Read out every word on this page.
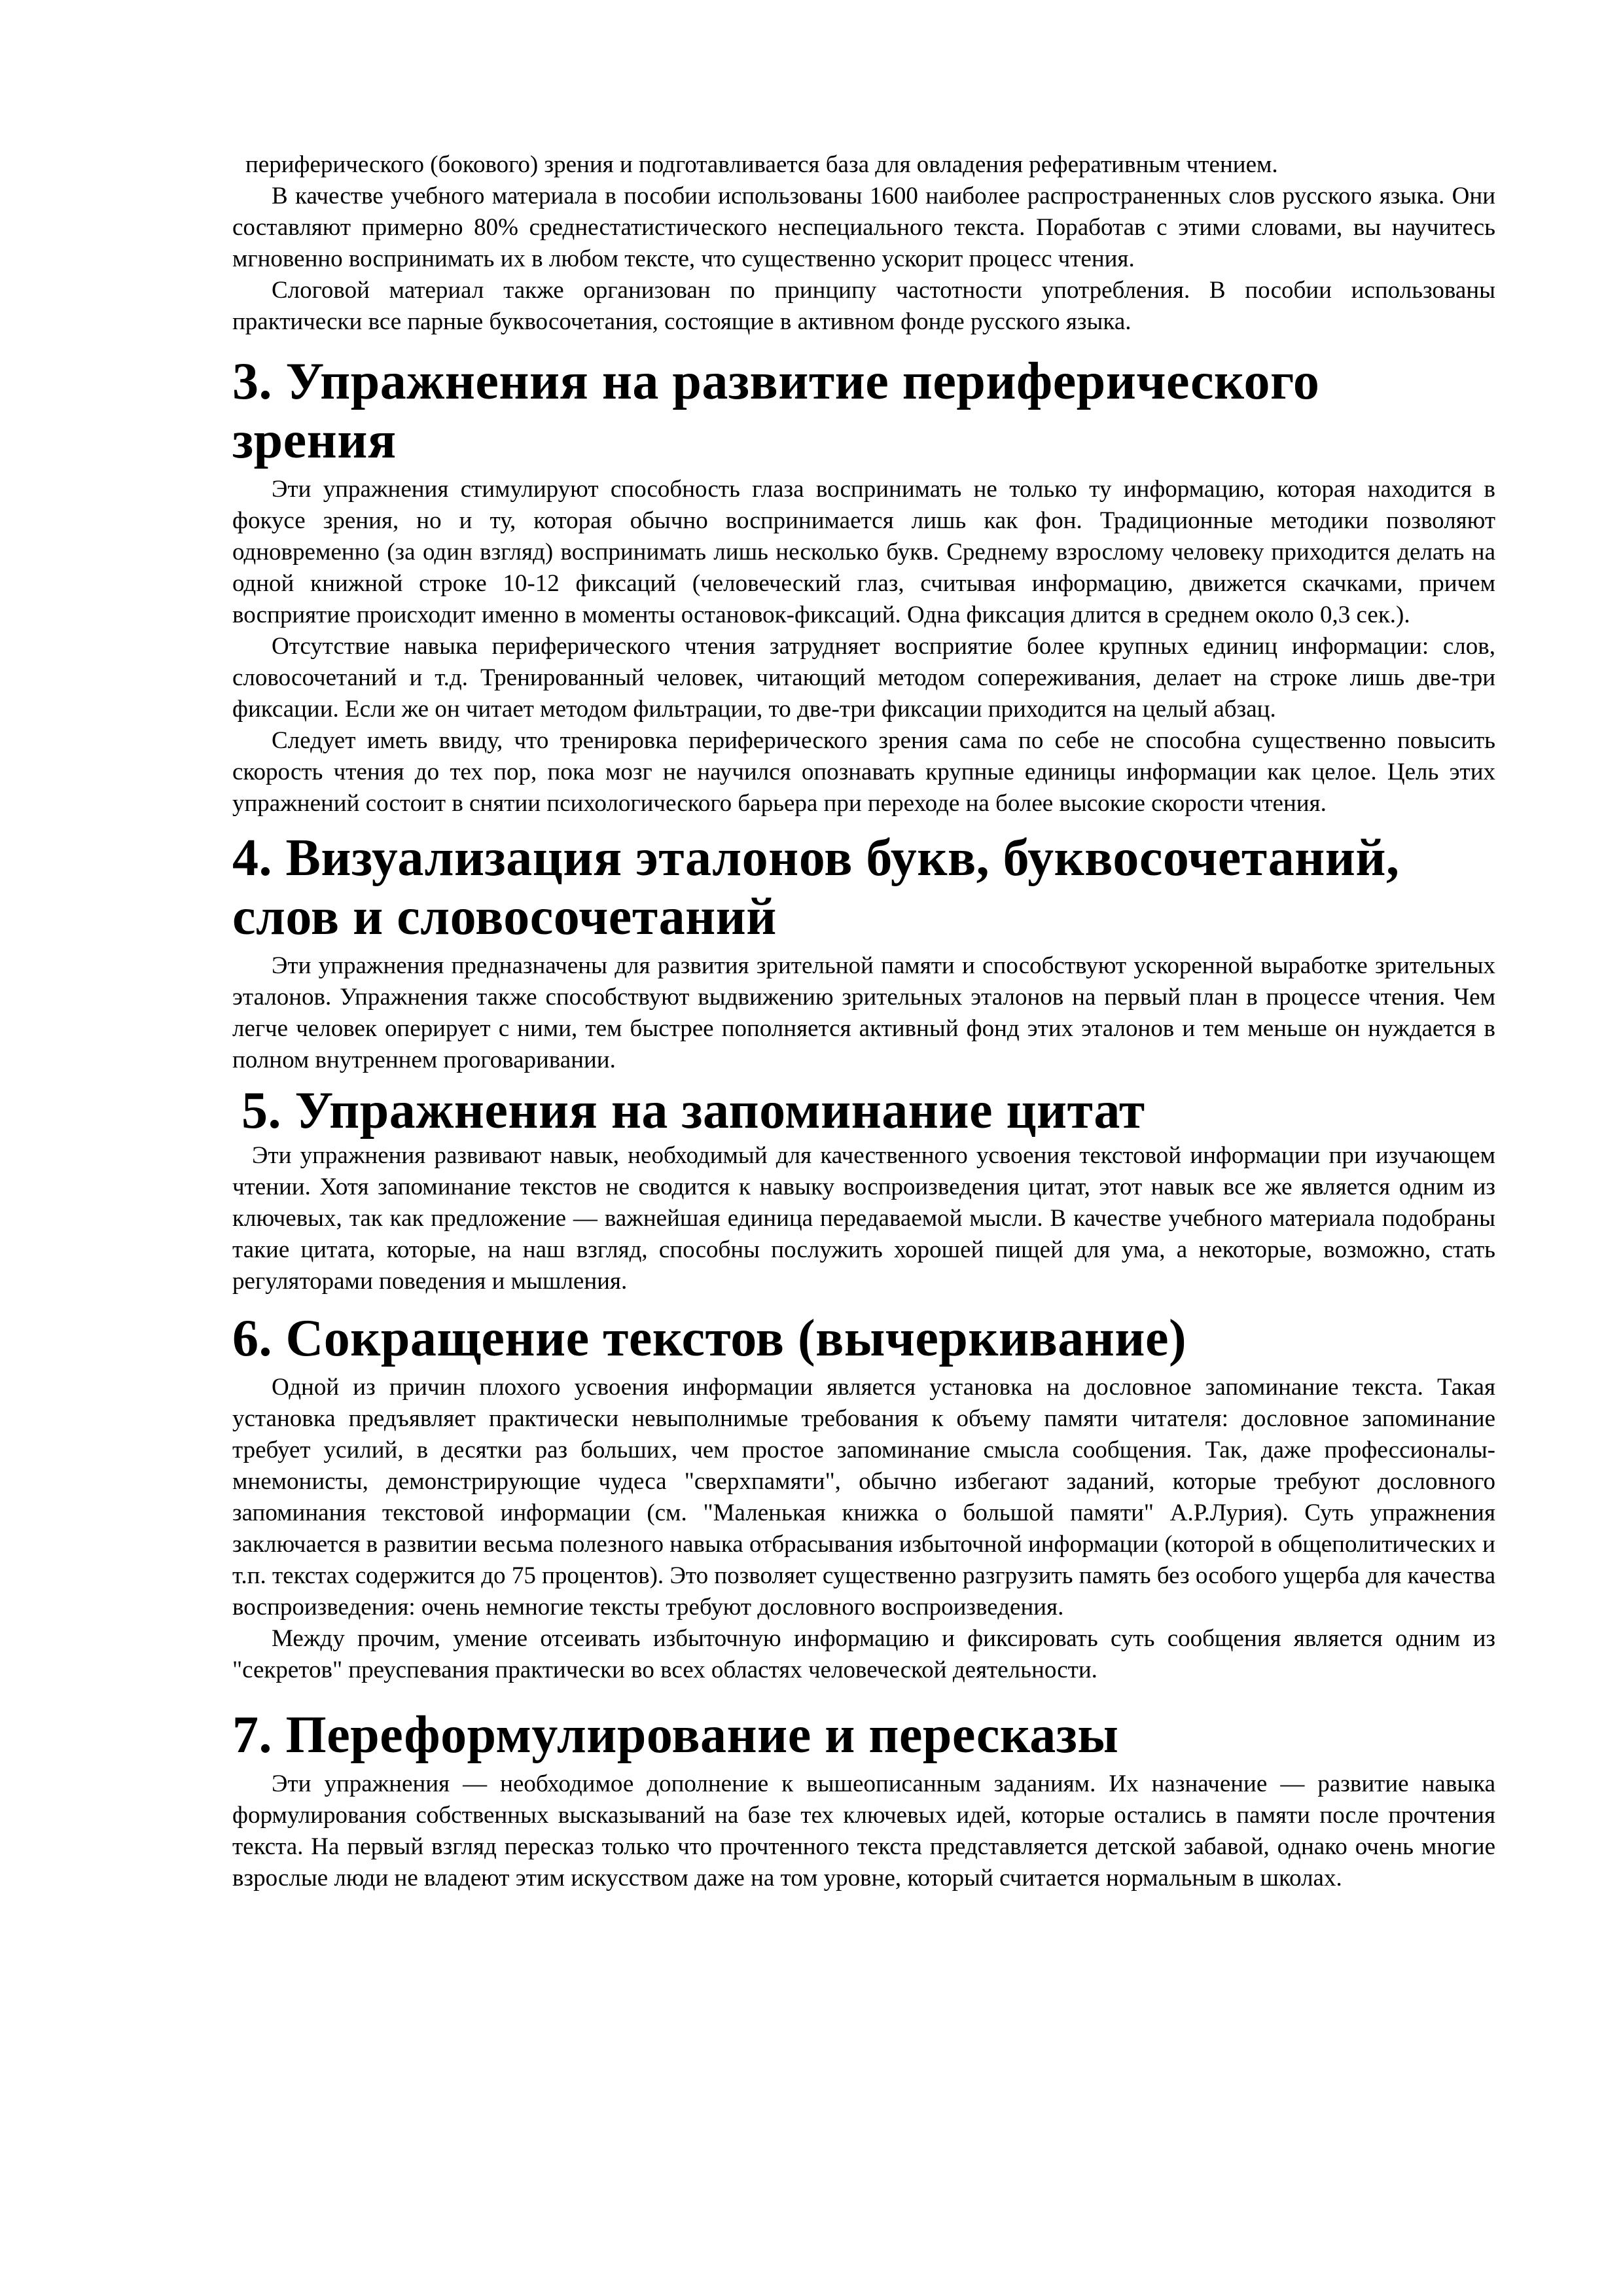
периферического (бокового) зрения и подготавливается база для овладения реферативным чтением.

В качестве учебного материала в пособии использованы 1600 наиболее распространенных слов русского языка. Они составляют примерно 80% среднестатистического неспециального текста. Поработав с этими словами, вы научитесь мгновенно воспринимать их в любом тексте, что существенно ускорит процесс чтения.

Слоговой материал также организован по принципу частотности употребления. В пособии использованы практически все парные буквосочетания, состоящие в активном фонде русского языка.

3. Упражнения на развитие периферического зрения

Эти упражнения стимулируют способность глаза воспринимать не только ту информацию, которая находится в фокусе зрения, но и ту, которая обычно воспринимается лишь как фон. Традиционные методики позволяют одновременно (за один взгляд) воспринимать лишь несколько букв. Среднему взрослому человеку приходится делать на одной книжной строке 10-12 фиксаций (человеческий глаз, считывая информацию, движется скачками, причем восприятие происходит именно в моменты остановок-фиксаций. Одна фиксация длится в среднем около 0,3 сек.).

Отсутствие навыка периферического чтения затрудняет восприятие более крупных единиц информации: слов, словосочетаний и т.д. Тренированный человек, читающий методом сопереживания, делает на строке лишь две-три фиксации. Если же он читает методом фильтрации, то две-три фиксации приходится на целый абзац.

Следует иметь ввиду, что тренировка периферического зрения сама по себе не способна существенно повысить скорость чтения до тех пор, пока мозг не научился опознавать крупные единицы информации как целое. Цель этих упражнений состоит в снятии психологического барьера при переходе на более высокие скорости чтения.

4. Визуализация эталонов букв, буквосочетаний, слов и словосочетаний

Эти упражнения предназначены для развития зрительной памяти и способствуют ускоренной выработке зрительных эталонов. Упражнения также способствуют выдвижению зрительных эталонов на первый план в процессе чтения. Чем легче человек оперирует с ними, тем быстрее пополняется активный фонд этих эталонов и тем меньше он нуждается в полном внутреннем проговаривании.

5. Упражнения на запоминание цитат

Эти упражнения развивают навык, необходимый для качественного усвоения текстовой информации при изучающем чтении. Хотя запоминание текстов не сводится к навыку воспроизведения цитат, этот навык все же является одним из ключевых, так как предложение — важнейшая единица передаваемой мысли. В качестве учебного материала подобраны такие цитата, которые, на наш взгляд, способны послужить хорошей пищей для ума, а некоторые, возможно, стать регуляторами поведения и мышления.

6. Сокращение текстов (вычеркивание)

Одной из причин плохого усвоения информации является установка на дословное запоминание текста. Такая установка предъявляет практически невыполнимые требования к объему памяти читателя: дословное запоминание требует усилий, в десятки раз больших, чем простое запоминание смысла сообщения. Так, даже профессионалы-мнемонисты, демонстрирующие чудеса "сверхпамяти", обычно избегают заданий, которые требуют дословного запоминания текстовой информации (см. "Маленькая книжка о большой памяти" А.Р.Лурия). Суть упражнения заключается в развитии весьма полезного навыка отбрасывания избыточной информации (которой в общеполитических и т.п. текстах содержится до 75 процентов). Это позволяет существенно разгрузить память без особого ущерба для качества воспроизведения: очень немногие тексты требуют дословного воспроизведения.

Между прочим, умение отсеивать избыточную информацию и фиксировать суть сообщения является одним из "секретов" преуспевания практически во всех областях человеческой деятельности.

7. Переформулирование и пересказы

Эти упражнения — необходимое дополнение к вышеописанным заданиям. Их назначение — развитие навыка формулирования собственных высказываний на базе тех ключевых идей, которые остались в памяти после прочтения текста. На первый взгляд пересказ только что прочтенного текста представляется детской забавой, однако очень многие взрослые люди не владеют этим искусством даже на том уровне, который считается нормальным в школах.
